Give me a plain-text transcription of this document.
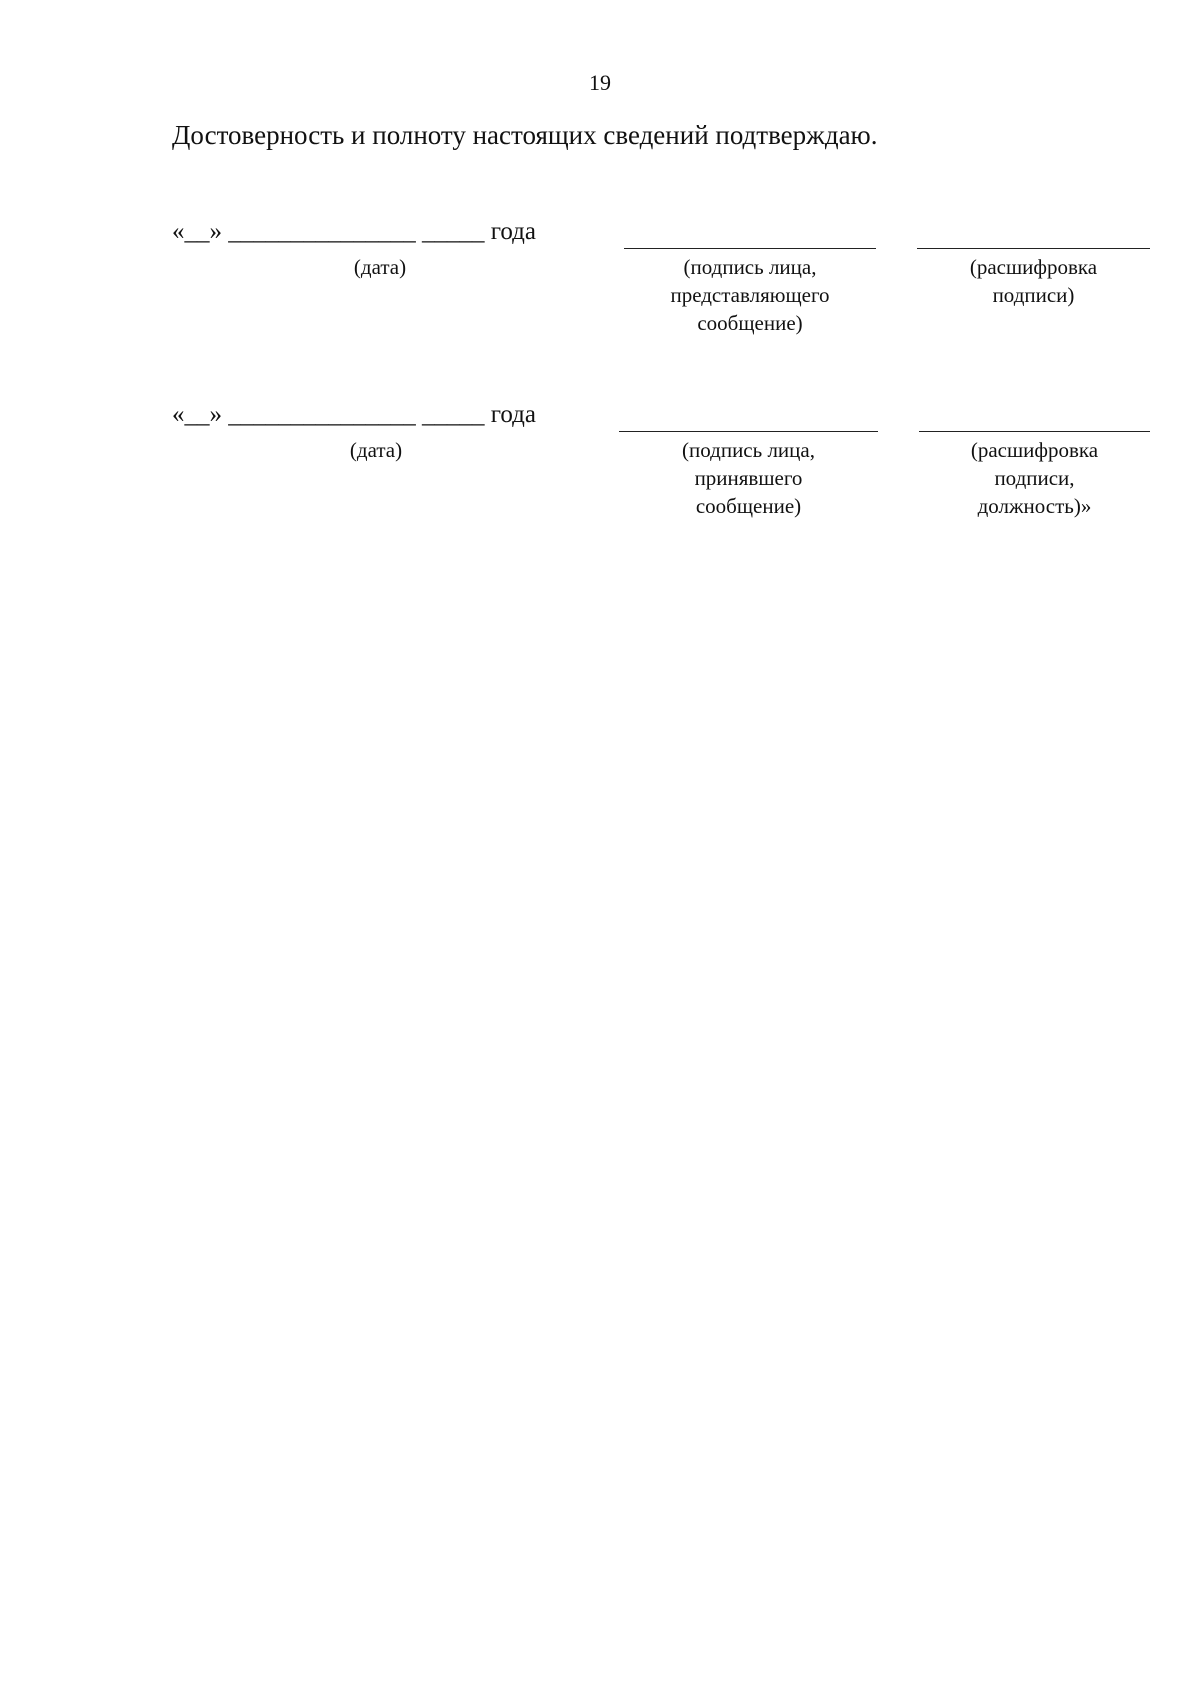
19
Достоверность и полноту настоящих сведений подтверждаю.
«__» _______________ _____ года
(дата)	(подпись лица,
представляющего
сообщение)
(расшифровка
подписи)
«__» _______________ _____ года
(дата)	(подпись лица,
принявшего
сообщение)
(расшифровка
подписи,
должность)»
